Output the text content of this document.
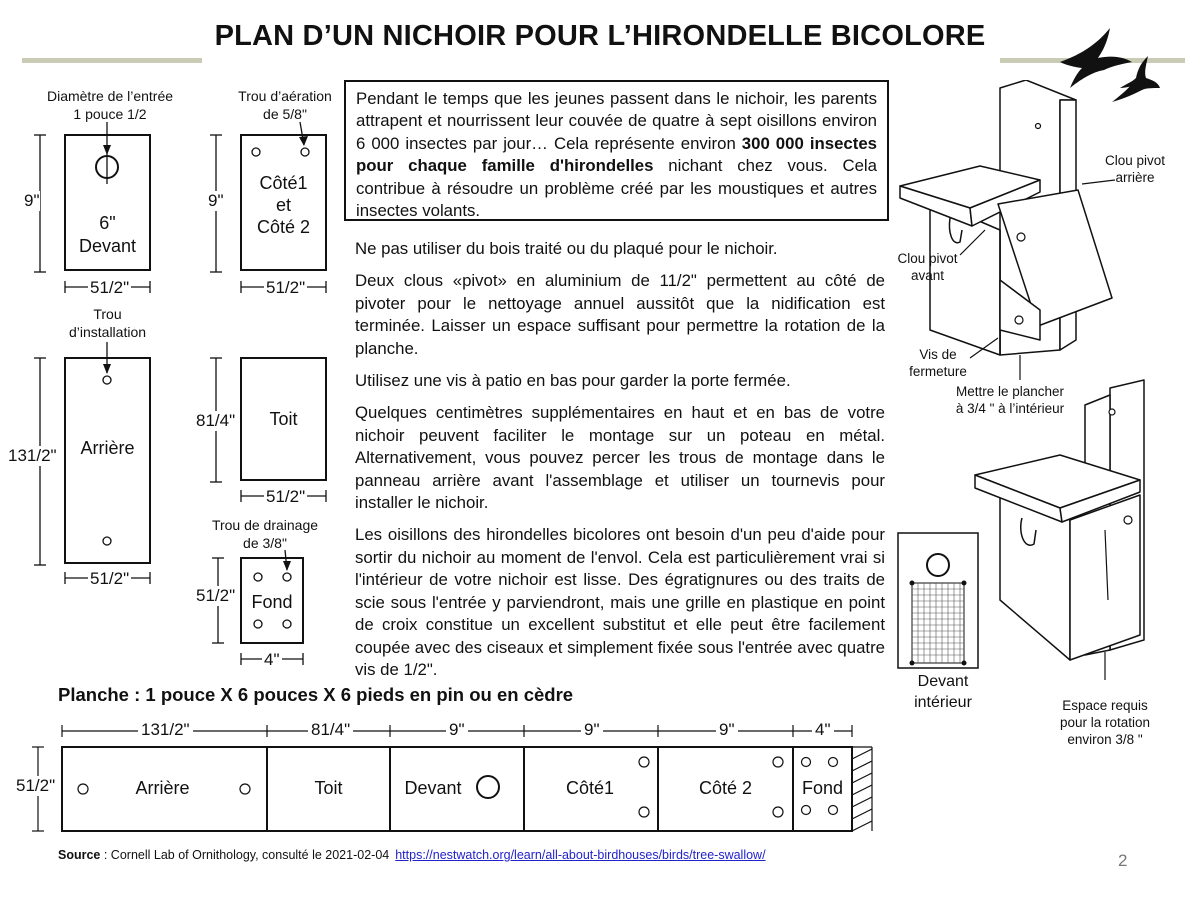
PLAN D’UN NICHOIR POUR L’HIRONDELLE BICOLORE
Diamètre de l’entrée
1 pouce 1/2
6"
Devant
9"
51/2"
Trou d’aération
de 5/8"
Côté1
et
Côté 2
9"
51/2"
Trou
d’installation
Arrière
131/2"
51/2"
Toit
81/4"
51/2"
Trou de drainage
de 3/8"
Fond
51/2"
4"
Pendant le temps que les jeunes passent dans le nichoir, les parents attrapent et nourrissent leur couvée de quatre à sept oisillons environ 6 000 insectes par jour… Cela représente environ 300 000 insectes pour chaque famille d'hirondelles nichant chez vous. Cela contribue à résoudre un problème créé par les moustiques et autres insectes volants.

Ne pas utiliser du bois traité ou du plaqué pour le nichoir.

Deux clous «pivot» en aluminium de 11/2" permettent au côté de pivoter pour le nettoyage annuel aussitôt que la nidification est terminée. Laisser un espace suffisant pour permettre la rotation de la planche.

Utilisez une vis à patio en bas pour garder la porte fermée.

Quelques centimètres supplémentaires en haut et en bas de votre nichoir peuvent faciliter le montage sur un poteau en métal. Alternativement, vous pouvez percer les trous de montage dans le panneau arrière avant l'assemblage et utiliser un tournevis pour installer le nichoir.

Les oisillons des hirondelles bicolores ont besoin d'un peu d'aide pour sortir du nichoir au moment de l'envol. Cela est particulièrement vrai si l'intérieur de votre nichoir est lisse. Des égratignures ou des traits de scie sous l'entrée y parviendront, mais une grille en plastique en point de croix constitue un excellent substitut et elle peut être facilement coupée avec des ciseaux et simplement fixée sous l'entrée avec quatre vis de 1/2".

Clou pivot
arrière
Clou pivot
avant
Vis de
fermeture
Mettre le plancher
à 3/4 " à l’intérieur
Devant
intérieur	Espace requis
pour la rotation
environ 3/8 "
Planche : 1 pouce X 6 pouces X 6 pieds en pin ou en cèdre
131/2"	81/4"	9"	9"	9"	4"
51/2"	Arrière	Toit	Devant	Côté1	Côté 2	Fond
Source : Cornell Lab of Ornithology, consulté le 2021-02-04 https://nestwatch.org/learn/all-about-birdhouses/birds/tree-swallow/	2
